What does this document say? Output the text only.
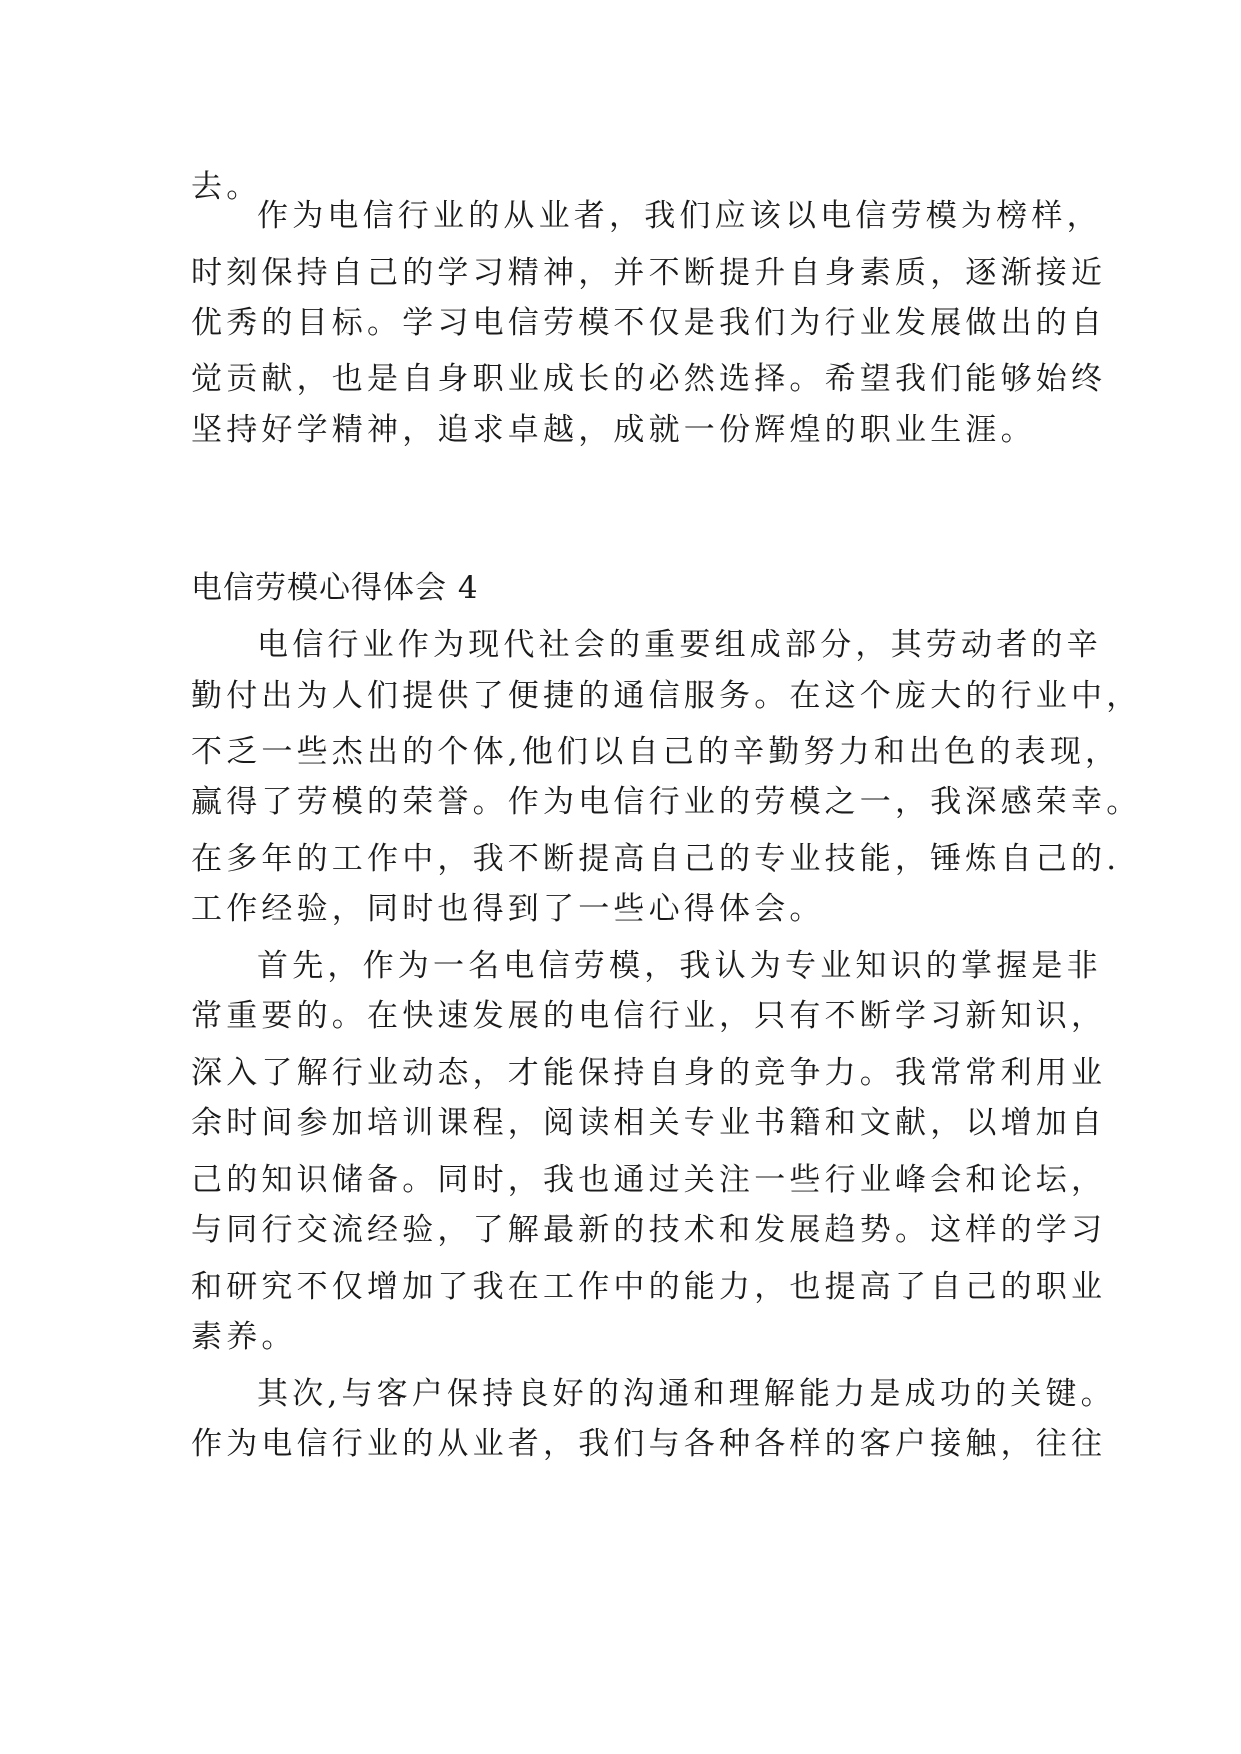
去。
作为电信行业的从业者，我们应该以电信劳模为榜样，
时刻保持自己的学习精神，并不断提升自身素质，逐渐接近
优秀的目标。学习电信劳模不仅是我们为行业发展做出的自
觉贡献，也是自身职业成长的必然选择。希望我们能够始终
坚持好学精神，追求卓越，成就一份辉煌的职业生涯。
电信劳模心得体会 4
电信行业作为现代社会的重要组成部分，其劳动者的辛
勤付出为人们提供了便捷的通信服务。在这个庞大的行业中，
不乏一些杰出的个体,他们以自己的辛勤努力和出色的表现，
赢得了劳模的荣誉。作为电信行业的劳模之一，我深感荣幸。
在多年的工作中，我不断提高自己的专业技能，锤炼自己的.
工作经验，同时也得到了一些心得体会。
首先，作为一名电信劳模，我认为专业知识的掌握是非
常重要的。在快速发展的电信行业，只有不断学习新知识，
深入了解行业动态，才能保持自身的竞争力。我常常利用业
余时间参加培训课程，阅读相关专业书籍和文献，以增加自
己的知识储备。同时，我也通过关注一些行业峰会和论坛，
与同行交流经验，了解最新的技术和发展趋势。这样的学习
和研究不仅增加了我在工作中的能力，也提高了自己的职业
素养。
其次,与客户保持良好的沟通和理解能力是成功的关键。
作为电信行业的从业者，我们与各种各样的客户接触，往往
